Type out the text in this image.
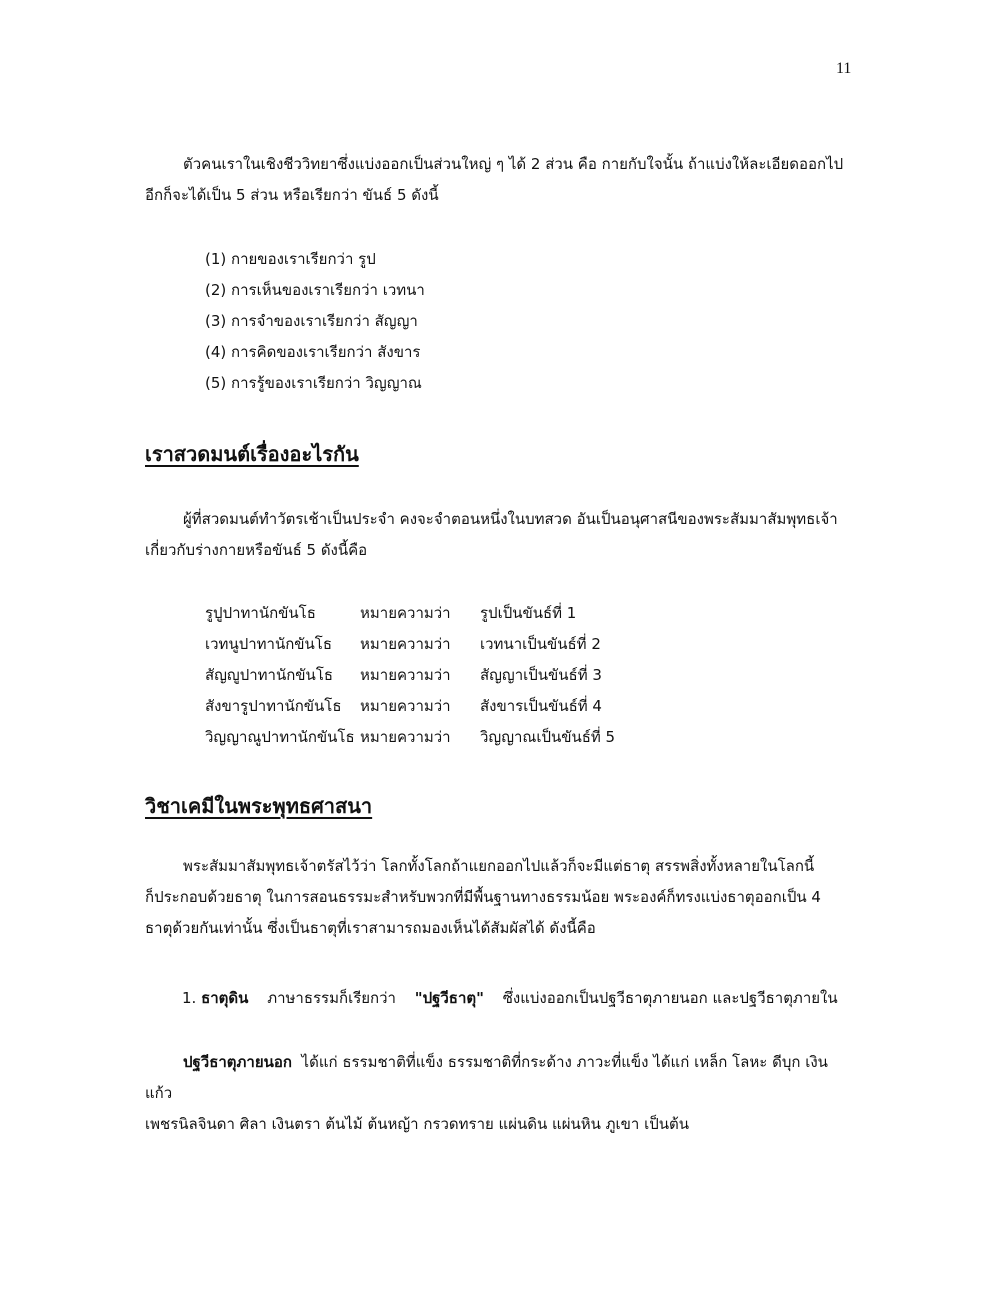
11

ตัวคนเราในเชิงชีววิทยาซึ่งแบ่งออกเป็นส่วนใหญ่ ๆ ได้ 2 ส่วน คือ กายกับใจนั้น ถ้าแบ่งให้ละเอียดออกไป
อีกก็จะได้เป็น 5 ส่วน หรือเรียกว่า ขันธ์ 5 ดังนี้

(1) กายของเราเรียกว่า รูป
(2) การเห็นของเราเรียกว่า เวทนา
(3) การจำของเราเรียกว่า สัญญา
(4) การคิดของเราเรียกว่า สังขาร
(5) การรู้ของเราเรียกว่า วิญญาณ
เราสวดมนต์เรื่องอะไรกัน

ผู้ที่สวดมนต์ทำวัตรเช้าเป็นประจำ คงจะจำตอนหนึ่งในบทสวด อันเป็นอนุศาสนีของพระสัมมาสัมพุทธเจ้า
เกี่ยวกับร่างกายหรือขันธ์ 5 ดังนี้คือ

รูปูปาทานักขันโธ	หมายความว่า	รูปเป็นขันธ์ที่ 1
เวทนูปาทานักขันโธ	หมายความว่า	เวทนาเป็นขันธ์ที่ 2
สัญญูปาทานักขันโธ	หมายความว่า	สัญญาเป็นขันธ์ที่ 3
สังขารูปาทานักขันโธ	หมายความว่า	สังขารเป็นขันธ์ที่ 4
วิญญาณูปาทานักขันโธ	หมายความว่า	วิญญาณเป็นขันธ์ที่ 5
วิชาเคมีในพระพุทธศาสนา

พระสัมมาสัมพุทธเจ้าตรัสไว้ว่า โลกทั้งโลกถ้าแยกออกไปแล้วก็จะมีแต่ธาตุ สรรพสิ่งทั้งหลายในโลกนี้
ก็ประกอบด้วยธาตุ ในการสอนธรรมะสำหรับพวกที่มีพื้นฐานทางธรรมน้อย พระองค์ก็ทรงแบ่งธาตุออกเป็น 4
ธาตุด้วยกันเท่านั้น ซึ่งเป็นธาตุที่เราสามารถมองเห็นได้สัมผัสได้ ดังนี้คือ

1. ธาตุดิน ภาษาธรรมก็เรียกว่า "ปฐวีธาตุ" ซึ่งแบ่งออกเป็นปฐวีธาตุภายนอก และปฐวีธาตุภายใน

ปฐวีธาตุภายนอก ได้แก่ ธรรมชาติที่แข็ง ธรรมชาติที่กระด้าง ภาวะที่แข็ง ได้แก่ เหล็ก โลหะ ดีบุก เงิน แก้ว
เพชรนิลจินดา ศิลา เงินตรา ต้นไม้ ต้นหญ้า กรวดทราย แผ่นดิน แผ่นหิน ภูเขา เป็นต้น
